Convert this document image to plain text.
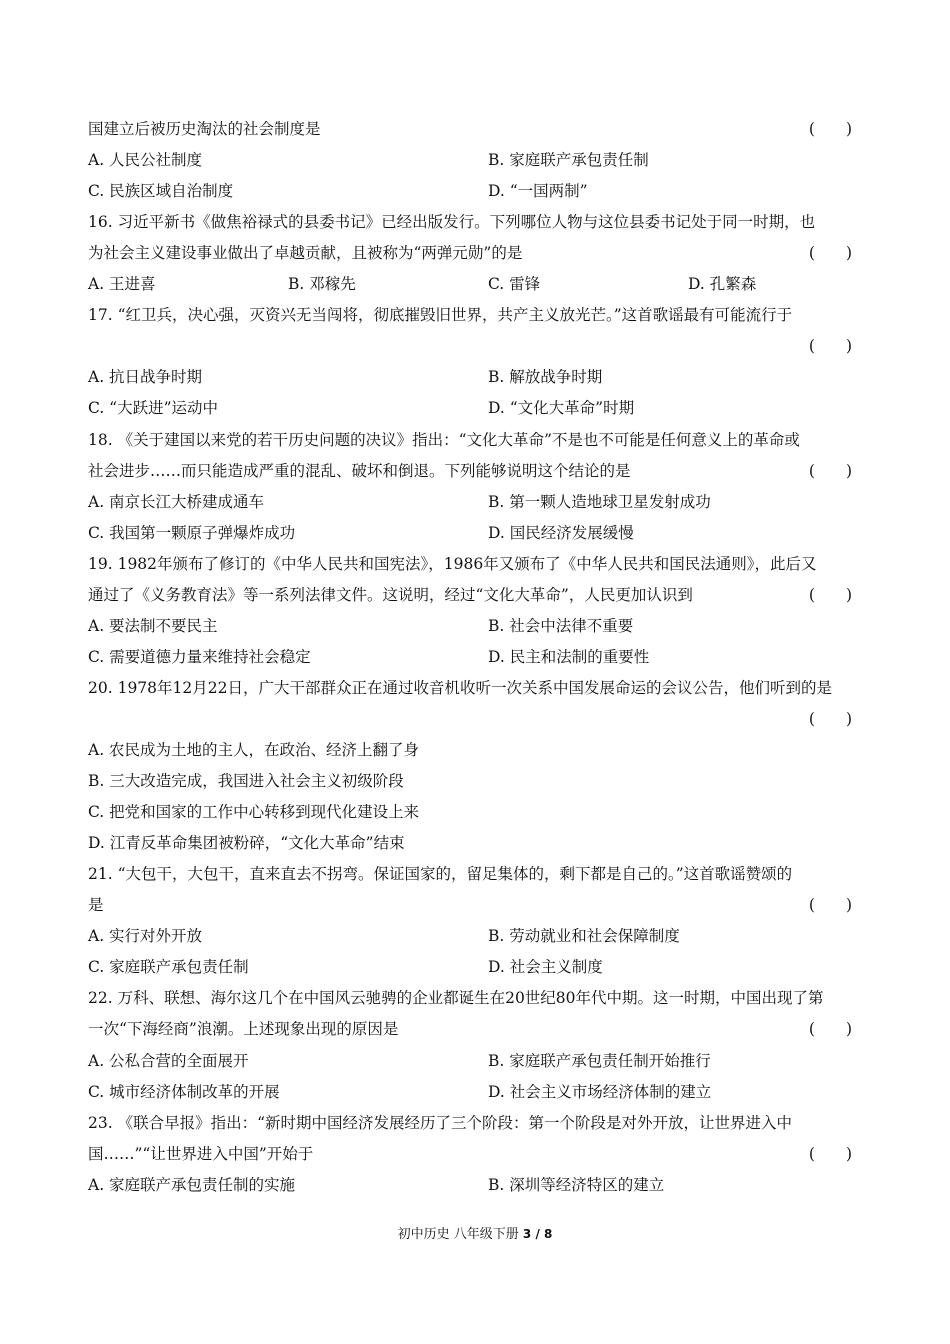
国建立后被历史淘汰的社会制度是	(　　)
A. 人民公社制度	B. 家庭联产承包责任制
C. 民族区域自治制度	D. “一国两制”
16. 习近平新书《做焦裕禄式的县委书记》已经出版发行。下列哪位人物与这位县委书记处于同一时期，也
为社会主义建设事业做出了卓越贡献，且被称为“两弹元勋”的是	(　　)
A. 王进喜	B. 邓稼先	C. 雷锋	D. 孔繁森
17. “红卫兵，决心强，灭资兴无当闯将，彻底摧毁旧世界，共产主义放光芒。”这首歌谣最有可能流行于
(　　)
A. 抗日战争时期	B. 解放战争时期
C. “大跃进”运动中	D. “文化大革命”时期
18. 《关于建国以来党的若干历史问题的决议》指出：“文化大革命”不是也不可能是任何意义上的革命或
社会进步……而只能造成严重的混乱、破坏和倒退。下列能够说明这个结论的是	(　　)
A. 南京长江大桥建成通车	B. 第一颗人造地球卫星发射成功
C. 我国第一颗原子弹爆炸成功	D. 国民经济发展缓慢
19. 1982年颁布了修订的《中华人民共和国宪法》，1986年又颁布了《中华人民共和国民法通则》，此后又
通过了《义务教育法》等一系列法律文件。这说明，经过“文化大革命”，人民更加认识到	(　　)
A. 要法制不要民主	B. 社会中法律不重要
C. 需要道德力量来维持社会稳定	D. 民主和法制的重要性
20. 1978年12月22日，广大干部群众正在通过收音机收听一次关系中国发展命运的会议公告，他们听到的是
(　　)
A. 农民成为土地的主人，在政治、经济上翻了身
B. 三大改造完成，我国进入社会主义初级阶段
C. 把党和国家的工作中心转移到现代化建设上来
D. 江青反革命集团被粉碎，“文化大革命”结束
21. “大包干，大包干，直来直去不拐弯。保证国家的，留足集体的，剩下都是自己的。”这首歌谣赞颂的
是	(　　)
A. 实行对外开放	B. 劳动就业和社会保障制度
C. 家庭联产承包责任制	D. 社会主义制度
22. 万科、联想、海尔这几个在中国风云驰骋的企业都诞生在20世纪80年代中期。这一时期，中国出现了第
一次“下海经商”浪潮。上述现象出现的原因是	(　　)
A. 公私合营的全面展开	B. 家庭联产承包责任制开始推行
C. 城市经济体制改革的开展	D. 社会主义市场经济体制的建立
23. 《联合早报》指出：“新时期中国经济发展经历了三个阶段：第一个阶段是对外开放，让世界进入中
国……”“让世界进入中国”开始于	(　　)
A. 家庭联产承包责任制的实施	B. 深圳等经济特区的建立
初中历史 八年级下册 3 / 8
